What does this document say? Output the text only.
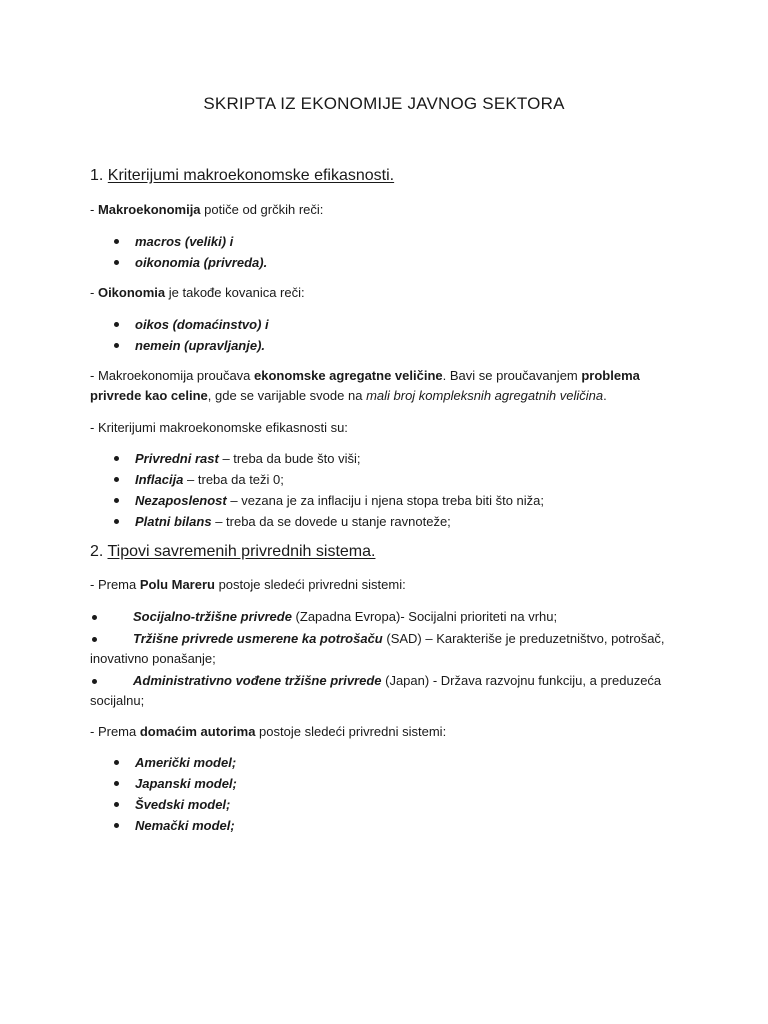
SKRIPTA IZ EKONOMIJE JAVNOG SEKTORA
1. Kriterijumi makroekonomske efikasnosti.
- Makroekonomija potiče od grčkih reči:
macros (veliki) i
oikonomia (privreda).
- Oikonomia je takođe kovanica reči:
oikos (domaćinstvo) i
nemein (upravljanje).
- Makroekonomija proučava ekonomske agregatne veličine. Bavi se proučavanjem problema privrede kao celine, gde se varijable svode na mali broj kompleksnih agregatnih veličina.
- Kriterijumi makroekonomske efikasnosti su:
Privredni rast – treba da bude što viši;
Inflacija – treba da teži 0;
Nezaposlenost – vezana je za inflaciju i njena stopa treba biti što niža;
Platni bilans – treba da se dovede u stanje ravnoteže;
2. Tipovi savremenih privrednih sistema.
- Prema Polu Mareru postoje sledeći privredni sistemi:
Socijalno-tržišne privrede (Zapadna Evropa)- Socijalni prioriteti na vrhu;
Tržišne privrede usmerene ka potrošaču (SAD) – Karakteriše je preduzetništvo, potrošač, inovativno ponašanje;
Administrativno vođene tržišne privrede (Japan) - Država razvojnu funkciju, a preduzeća socijalnu;
- Prema domaćim autorima postoje sledeći privredni sistemi:
Američki model;
Japanski model;
Švedski model;
Nemački model;
